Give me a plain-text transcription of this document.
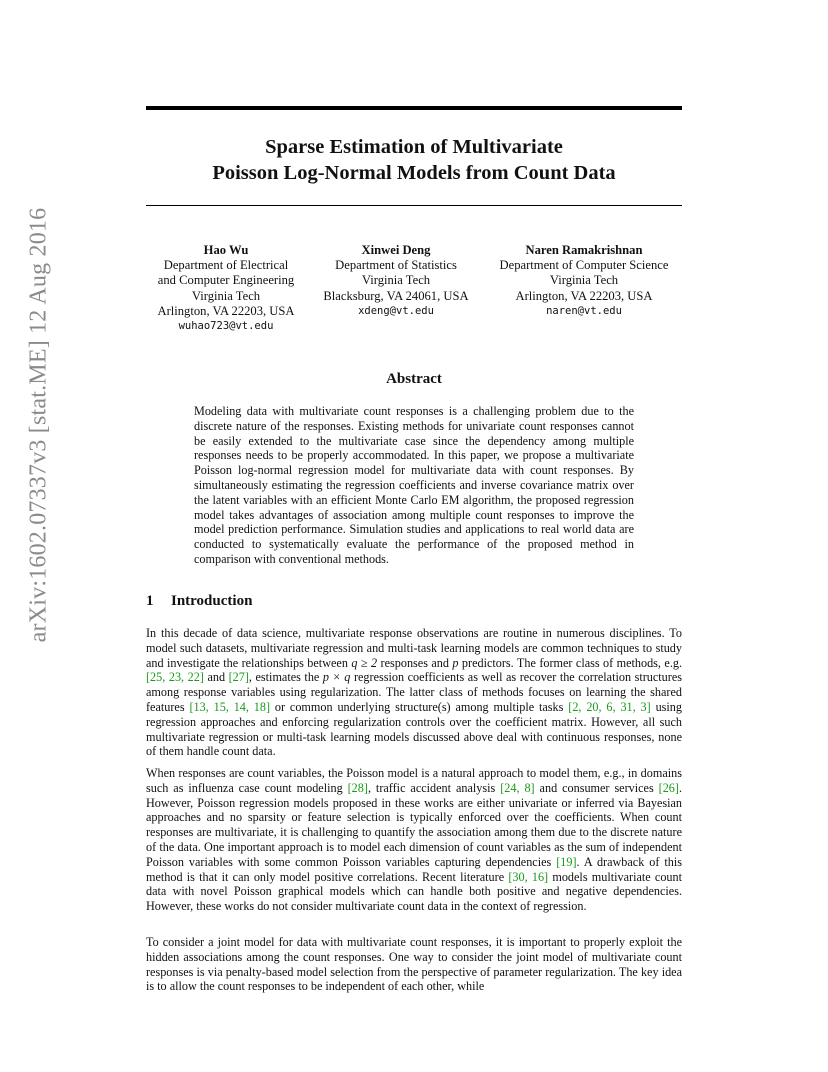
arXiv:1602.07337v3 [stat.ME] 12 Aug 2016
Sparse Estimation of Multivariate
Poisson Log-Normal Models from Count Data
Hao Wu
Department of Electrical
and Computer Engineering
Virginia Tech
Arlington, VA 22203, USA
wuhao723@vt.edu
Xinwei Deng
Department of Statistics
Virginia Tech
Blacksburg, VA 24061, USA
xdeng@vt.edu
Naren Ramakrishnan
Department of Computer Science
Virginia Tech
Arlington, VA 22203, USA
naren@vt.edu
Abstract
Modeling data with multivariate count responses is a challenging problem due to the discrete nature of the responses. Existing methods for univariate count responses cannot be easily extended to the multivariate case since the dependency among multiple responses needs to be properly accommodated. In this paper, we propose a multivariate Poisson log-normal regression model for multivariate data with count responses. By simultaneously estimating the regression coefficients and inverse covariance matrix over the latent variables with an efficient Monte Carlo EM algorithm, the proposed regression model takes advantages of association among multiple count responses to improve the model prediction performance. Simulation studies and applications to real world data are conducted to systematically evaluate the performance of the proposed method in comparison with conventional methods.
1 Introduction

In this decade of data science, multivariate response observations are routine in numerous disciplines. To model such datasets, multivariate regression and multi-task learning models are common techniques to study and investigate the relationships between q ≥ 2 responses and p predictors. The former class of methods, e.g. [25, 23, 22] and [27], estimates the p × q regression coefficients as well as recover the correlation structures among response variables using regularization. The latter class of methods focuses on learning the shared features [13, 15, 14, 18] or common underlying structure(s) among multiple tasks [2, 20, 6, 31, 3] using regression approaches and enforcing regularization controls over the coefficient matrix. However, all such multivariate regression or multi-task learning models discussed above deal with continuous responses, none of them handle count data.

When responses are count variables, the Poisson model is a natural approach to model them, e.g., in domains such as influenza case count modeling [28], traffic accident analysis [24, 8] and consumer services [26]. However, Poisson regression models proposed in these works are either univariate or inferred via Bayesian approaches and no sparsity or feature selection is typically enforced over the coefficients. When count responses are multivariate, it is challenging to quantify the association among them due to the discrete nature of the data. One important approach is to model each dimension of count variables as the sum of independent Poisson variables with some common Poisson variables capturing dependencies [19]. A drawback of this method is that it can only model positive correlations. Recent literature [30, 16] models multivariate count data with novel Poisson graphical models which can handle both positive and negative dependencies. However, these works do not consider multivariate count data in the context of regression.

To consider a joint model for data with multivariate count responses, it is important to properly exploit the hidden associations among the count responses. One way to consider the joint model of multivariate count responses is via penalty-based model selection from the perspective of parameter regularization. The key idea is to allow the count responses to be independent of each other, while
